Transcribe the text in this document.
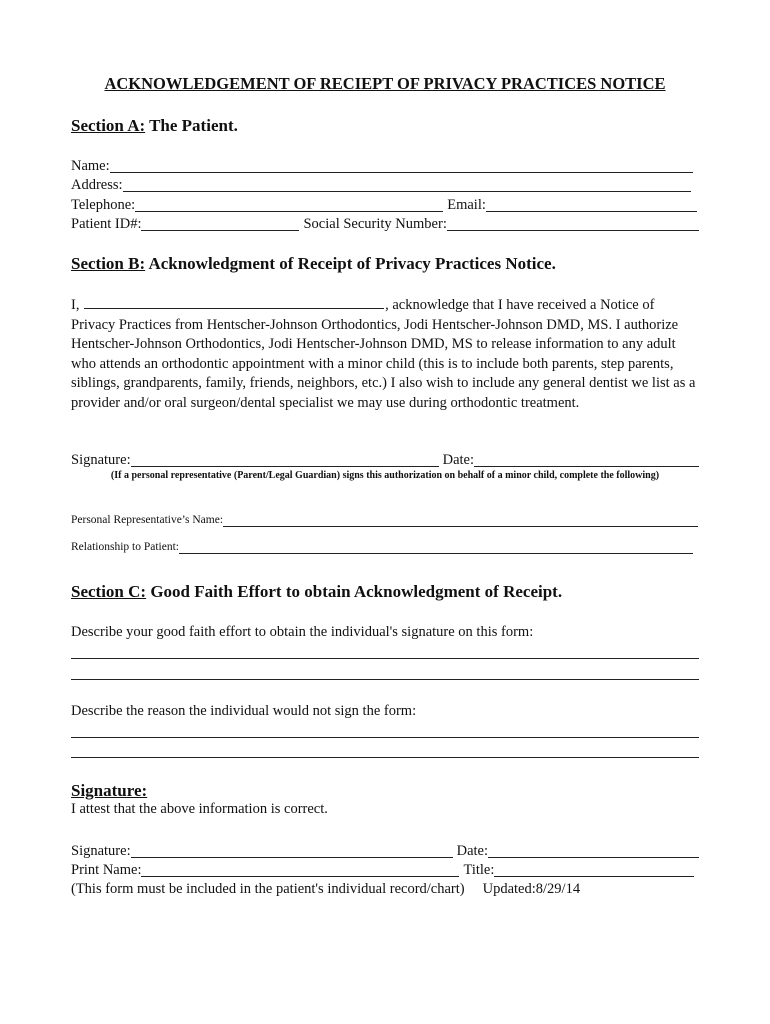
ACKNOWLEDGEMENT OF RECIEPT OF PRIVACY PRACTICES NOTICE
Section A: The Patient.
Name:
Address:
Telephone:	Email:
Patient ID#:	Social Security Number:
Section B: Acknowledgment of Receipt of Privacy Practices Notice.
I,	, acknowledge that I have received a Notice of Privacy Practices from Hentscher-Johnson Orthodontics, Jodi Hentscher-Johnson DMD, MS. I authorize Hentscher-Johnson Orthodontics, Jodi Hentscher-Johnson DMD, MS to release information to any adult who attends an orthodontic appointment with a minor child (this is to include both parents, step parents, siblings, grandparents, family, friends, neighbors, etc.) I also wish to include any general dentist we list as a provider and/or oral surgeon/dental specialist we may use during orthodontic treatment.
Signature:	Date:
(If a personal representative (Parent/Legal Guardian) signs this authorization on behalf of a minor child, complete the following)
Personal Representative’s Name:
Relationship to Patient:
Section C: Good Faith Effort to obtain Acknowledgment of Receipt.
Describe your good faith effort to obtain the individual's signature on this form:
Describe the reason the individual would not sign the form:
Signature:
I attest that the above information is correct.
Signature:	Date:
Print Name:	Title:
(This form must be included in the patient's individual record/chart) Updated:8/29/14
